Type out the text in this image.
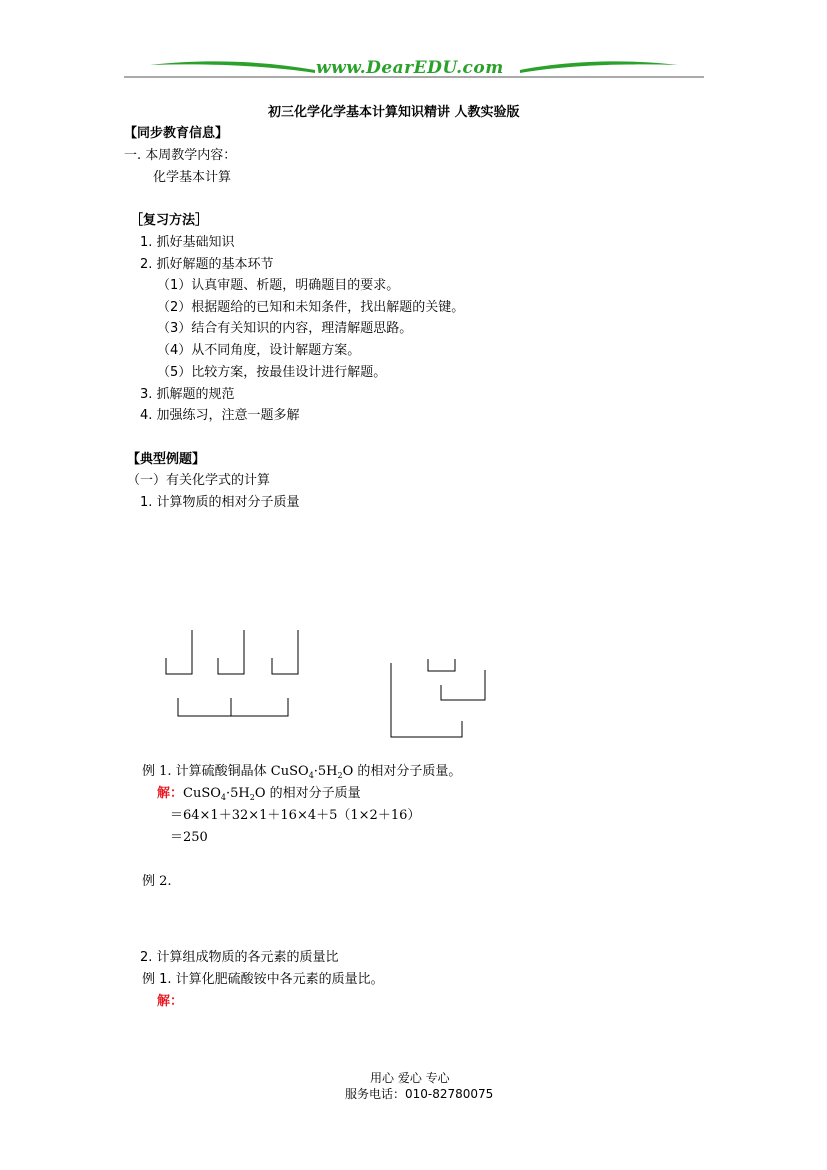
www.DearEDU.com
初三化学化学基本计算知识精讲 人教实验版
【同步教育信息】
一. 本周教学内容：
化学基本计算
［复习方法］
1. 抓好基础知识
2. 抓好解题的基本环节
（1）认真审题、析题，明确题目的要求。
（2）根据题给的已知和未知条件，找出解题的关键。
（3）结合有关知识的内容，理清解题思路。
（4）从不同角度，设计解题方案。
（5）比较方案，按最佳设计进行解题。
3. 抓解题的规范
4. 加强练习，注意一题多解
【典型例题】
（一）有关化学式的计算
1. 计算物质的相对分子质量
例 1. 计算硫酸铜晶体 $CuSO_4\cdot 5H_2O$ 的相对分子质量。
解：$CuSO_4\cdot 5H_2O$ 的相对分子质量
＝64×1＋32×1＋16×4＋5（1×2＋16）
＝250
例 2.
2. 计算组成物质的各元素的质量比
例 1. 计算化肥硫酸铵中各元素的质量比。
解：
用心 爱心 专心
服务电话：010-82780075
